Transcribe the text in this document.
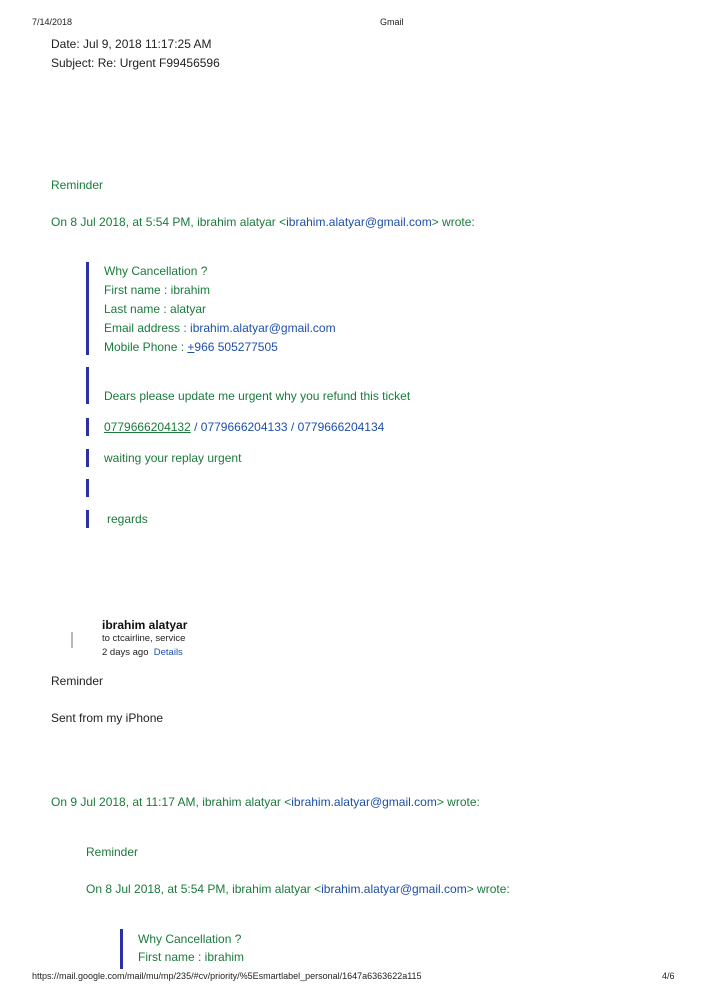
7/14/2018	Gmail
Date: Jul 9, 2018 11:17:25 AM
Subject: Re: Urgent F99456596
Reminder
On 8 Jul 2018, at 5:54 PM, ibrahim alatyar <ibrahim.alatyar@gmail.com> wrote:
Why Cancellation ?
First name : ibrahim
Last name : alatyar
Email address : ibrahim.alatyar@gmail.com
Mobile Phone : +966 505277505
Dears please update me urgent why you refund this ticket
0779666204132 / 0779666204133 / 0779666204134
waiting your replay urgent
regards
ibrahim alatyar
to ctcairline, service
2 days ago Details
Reminder
Sent from my iPhone
On 9 Jul 2018, at 11:17 AM, ibrahim alatyar <ibrahim.alatyar@gmail.com> wrote:
Reminder
On 8 Jul 2018, at 5:54 PM, ibrahim alatyar <ibrahim.alatyar@gmail.com> wrote:
Why Cancellation ?
First name : ibrahim
https://mail.google.com/mail/mu/mp/235/#cv/priority/%5Esmartlabel_personal/1647a6363622a115	4/6
